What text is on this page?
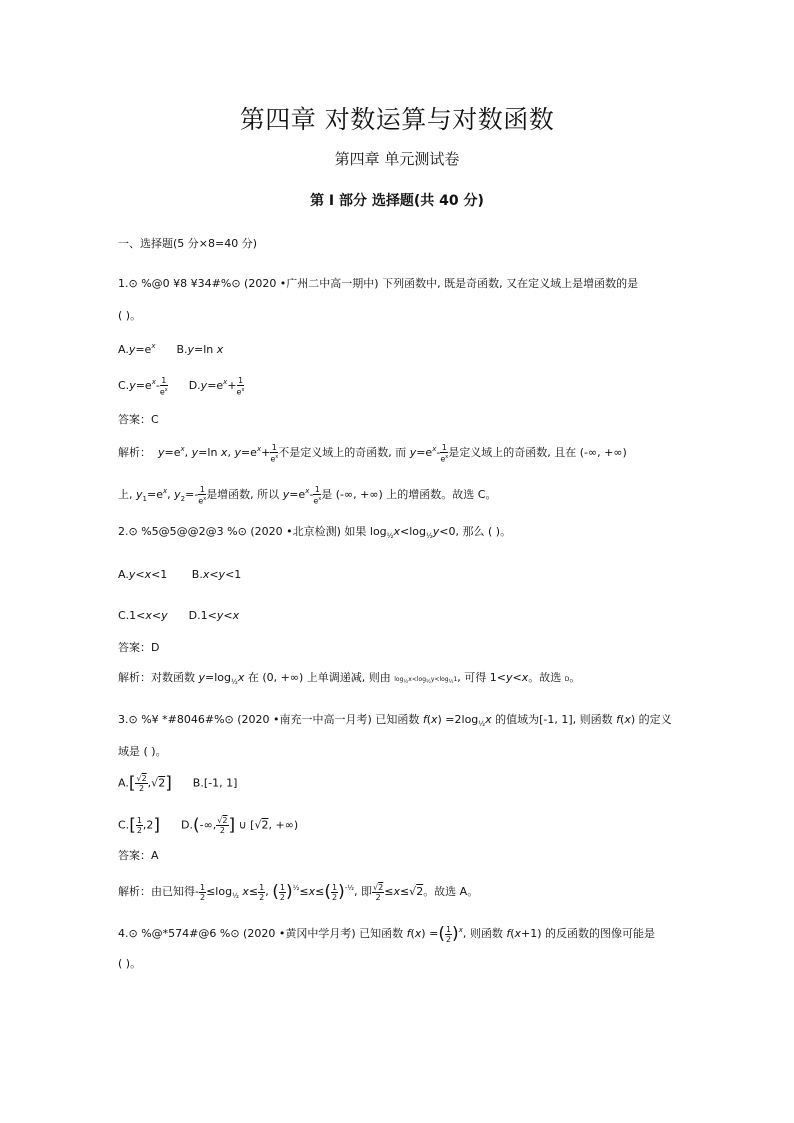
第四章 对数运算与对数函数
第四章 单元测试卷
第 Ⅰ 部分 选择题(共 40 分)
一、选择题(5 分×8=40 分)
1.⊙ %@0 ¥8 ¥34#%⊙ (2020 •广州二中高一期中) 下列函数中, 既是奇函数, 又在定义域上是增函数的是
( )。
$A.y=e^x$      B.y=ln x
$C.y=e^x- \frac{1}{e^x} D.y=e^x+ \frac{1}{e^x}$
答案：C
解析： $y=e^x$, y=ln x, $y=e^x+ \frac{1}{e^x}$ 不是定义域上的奇函数, 而 $y=e^x- \frac{1}{e^x}$ 是定义域上的奇函数, 且在 (-∞, +∞)
上, $y_1=e^x$, $y_2=- \frac{1}{e^x}$ 是增函数, 所以 $y=e^x- \frac{1}{e^x}$ 是 (-∞, +∞) 上的增函数。故选 C。
2.⊙ %5@5@@2@3 %⊙ (2020 •北京检测) 如果 $\log_{\frac{1}{2}}x<\log_{\frac{1}{2}}y<0$, 那么 ( )。
A.y<x<1       B.x<y<1
C.1<x<y      D.1<y<x
答案：D
解析：对数函数 $y=\log_{\frac{1}{2}}x$ 在 (0, +∞) 上单调递减, 则由 $\log_{\frac{1}{2}}x<\log_{\frac{1}{2}}y<\log_{\frac{1}{2}}1$, 可得 1<y<x。故选 D。
3.⊙ %¥ *#8046#%⊙ (2020 •南充一中高一月考) 已知函数 $f(x) =2\log_{\frac{1}{2}}x$ 的值域为[-1, 1], 则函数 f(x) 的定义
域是 ( )。
$A.[ \frac{√2}{2} ,√2]$      B.[-1, 1]
$C.[ \frac{1}{2} ,2]$      D.(-∞, $\frac{√2}{2}$ ] ∪ [√2, +∞)
答案：A
解析：由已知得- $\frac{1}{2} \le\log_{\frac{1}{2}}$ $x\le \frac{1}{2}$ , ( $\frac{1}{2} )^{\frac{1}{2}}\le x\le( \frac{1}{2} )^{-\frac{1}{2}}$, 即 $\frac{√2}{2} \le x\le√2$。故选 A。
4.⊙ %@*574#@6 %⊙ (2020 •黄冈中学月考) 已知函数 f(x) =( $\frac{1}{2} )^x$, 则函数 f(x+1) 的反函数的图像可能是
( )。
